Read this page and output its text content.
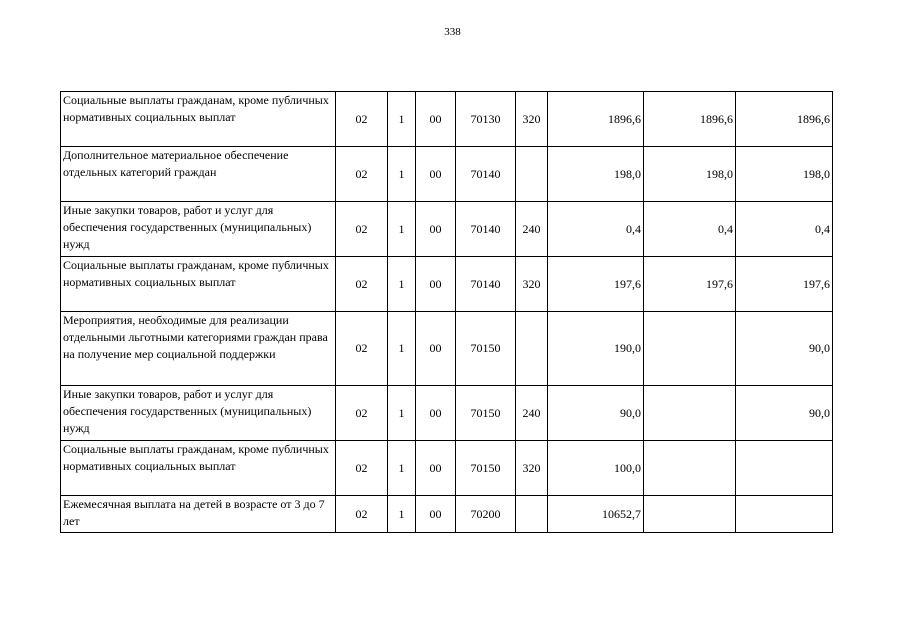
338
Социальные выплаты гражданам, кроме публичных нормативных социальных выплат	02	1	00	70130	320	1896,6	1896,6	1896,6
Дополнительное материальное обеспечение отдельных категорий граждан	02	1	00	70140		198,0	198,0	198,0
Иные закупки товаров, работ и услуг для обеспечения государственных (муниципальных) нужд	02	1	00	70140	240	0,4	0,4	0,4
Социальные выплаты гражданам, кроме публичных нормативных социальных выплат	02	1	00	70140	320	197,6	197,6	197,6
Мероприятия, необходимые для реализации отдельными льготными категориями граждан права на получение мер социальной поддержки	02	1	00	70150		190,0		90,0
Иные закупки товаров, работ и услуг для обеспечения государственных (муниципальных) нужд	02	1	00	70150	240	90,0		90,0
Социальные выплаты гражданам, кроме публичных нормативных социальных выплат	02	1	00	70150	320	100,0		
Ежемесячная выплата на детей в возрасте от 3 до 7 лет	02	1	00	70200		10652,7		
